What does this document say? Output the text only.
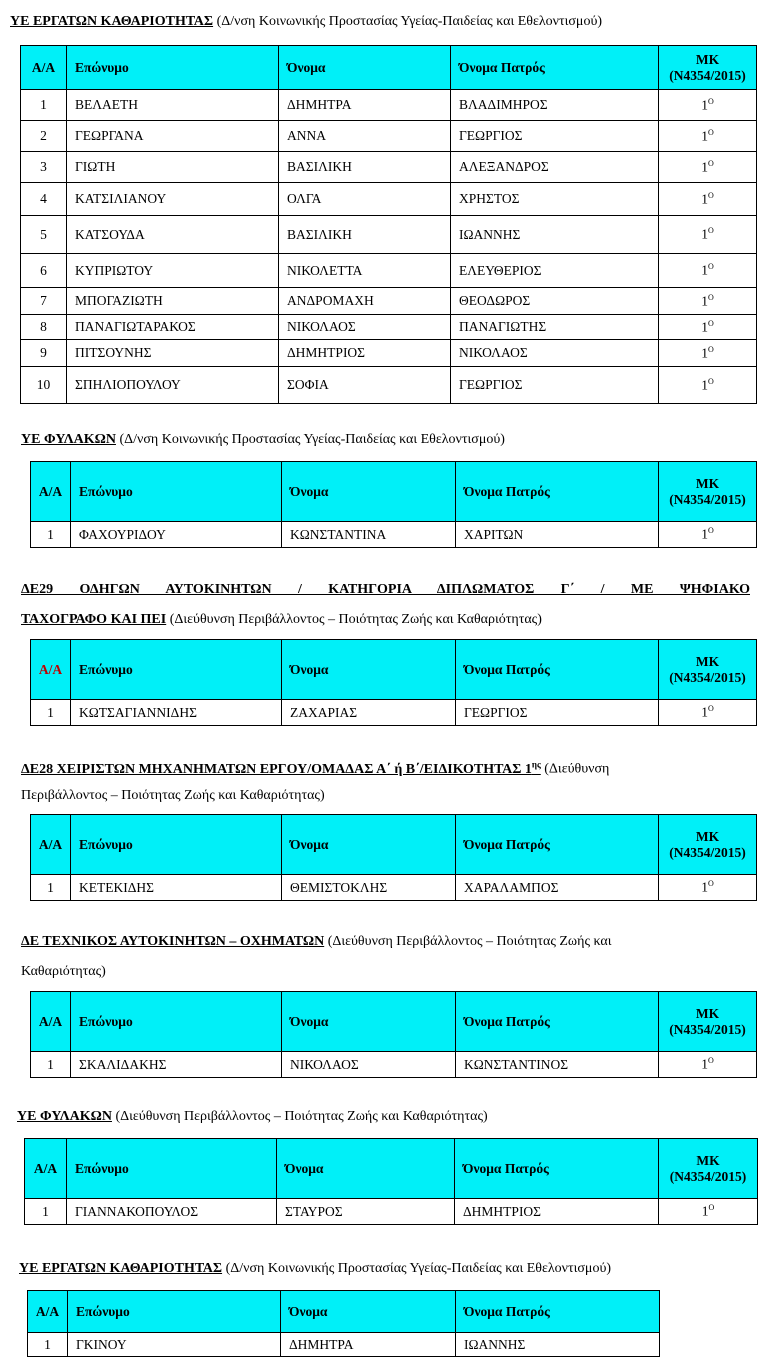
ΥΕ ΕΡΓΑΤΩΝ ΚΑΘΑΡΙΟΤΗΤΑΣ (Δ/νση Κοινωνικής Προστασίας Υγείας-Παιδείας και Εθελοντισμού)
Α/Α	Επώνυμο	Όνομα	Όνομα Πατρός	ΜΚ
(Ν4354/2015)
1	ΒΕΛΑΕΤΗ	ΔΗΜΗΤΡΑ	ΒΛΑΔΙΜΗΡΟΣ	$1^O$
2	ΓΕΩΡΓΑΝΑ	ΑΝΝΑ	ΓΕΩΡΓΙΟΣ	$1^O$
3	ΓΙΩΤΗ	ΒΑΣΙΛΙΚΗ	ΑΛΕΞΑΝΔΡΟΣ	$1^O$
4	ΚΑΤΣΙΛΙΑΝΟΥ	ΟΛΓΑ	ΧΡΗΣΤΟΣ	$1^O$
5	ΚΑΤΣΟΥΔΑ	ΒΑΣΙΛΙΚΗ	ΙΩΑΝΝΗΣ	$1^O$
6	ΚΥΠΡΙΩΤΟΥ	ΝΙΚΟΛΕΤΤΑ	ΕΛΕΥΘΕΡΙΟΣ	$1^O$
7	ΜΠΟΓΑΖΙΩΤΗ	ΑΝΔΡΟΜΑΧΗ	ΘΕΟΔΩΡΟΣ	$1^O$
8	ΠΑΝΑΓΙΩΤΑΡΑΚΟΣ	ΝΙΚΟΛΑΟΣ	ΠΑΝΑΓΙΩΤΗΣ	$1^O$
9	ΠΙΤΣΟΥΝΗΣ	ΔΗΜΗΤΡΙΟΣ	ΝΙΚΟΛΑΟΣ	$1^O$
10	ΣΠΗΛΙΟΠΟΥΛΟΥ	ΣΟΦΙΑ	ΓΕΩΡΓΙΟΣ	$1^O$
ΥΕ ΦΥΛΑΚΩΝ (Δ/νση Κοινωνικής Προστασίας Υγείας-Παιδείας και Εθελοντισμού)
Α/Α	Επώνυμο	Όνομα	Όνομα Πατρός	ΜΚ
(Ν4354/2015)
1	ΦΑΧΟΥΡΙΔΟΥ	ΚΩΝΣΤΑΝΤΙΝΑ	ΧΑΡΙΤΩΝ	$1^O$
ΔΕ29 ΟΔΗΓΩΝ ΑΥΤΟΚΙΝΗΤΩΝ / ΚΑΤΗΓΟΡΙΑ ΔΙΠΛΩΜΑΤΟΣ Γ΄ / ΜΕ ΨΗΦΙΑΚΟ
ΤΑΧΟΓΡΑΦΟ ΚΑΙ ΠΕΙ (Διεύθυνση Περιβάλλοντος – Ποιότητας Ζωής και Καθαριότητας)
Α/Α	Επώνυμο	Όνομα	Όνομα Πατρός	ΜΚ
(Ν4354/2015)
1	ΚΩΤΣΑΓΙΑΝΝΙΔΗΣ	ΖΑΧΑΡΙΑΣ	ΓΕΩΡΓΙΟΣ	$1^O$
ΔΕ28 ΧΕΙΡΙΣΤΩΝ ΜΗΧΑΝΗΜΑΤΩΝ ΕΡΓΟΥ/ΟΜΑΔΑΣ Α΄ ή Β΄/ΕΙΔΙΚΟΤΗΤΑΣ $1^{\eta\varsigma}$ (Διεύθυνση
Περιβάλλοντος – Ποιότητας Ζωής και Καθαριότητας)
Α/Α	Επώνυμο	Όνομα	Όνομα Πατρός	ΜΚ
(Ν4354/2015)
1	ΚΕΤΕΚΙΔΗΣ	ΘΕΜΙΣΤΟΚΛΗΣ	ΧΑΡΑΛΑΜΠΟΣ	$1^O$
ΔΕ ΤΕΧΝΙΚΟΣ ΑΥΤΟΚΙΝΗΤΩΝ – ΟΧΗΜΑΤΩΝ (Διεύθυνση Περιβάλλοντος – Ποιότητας Ζωής και
Καθαριότητας)
Α/Α	Επώνυμο	Όνομα	Όνομα Πατρός	ΜΚ
(Ν4354/2015)
1	ΣΚΑΛΙΔΑΚΗΣ	ΝΙΚΟΛΑΟΣ	ΚΩΝΣΤΑΝΤΙΝΟΣ	$1^O$
ΥΕ ΦΥΛΑΚΩΝ (Διεύθυνση Περιβάλλοντος – Ποιότητας Ζωής και Καθαριότητας)
Α/Α	Επώνυμο	Όνομα	Όνομα Πατρός	ΜΚ
(Ν4354/2015)
1	ΓΙΑΝΝΑΚΟΠΟΥΛΟΣ	ΣΤΑΥΡΟΣ	ΔΗΜΗΤΡΙΟΣ	$1^O$
ΥΕ ΕΡΓΑΤΩΝ ΚΑΘΑΡΙΟΤΗΤΑΣ (Δ/νση Κοινωνικής Προστασίας Υγείας-Παιδείας και Εθελοντισμού)
Α/Α	Επώνυμο	Όνομα	Όνομα Πατρός
1	ΓΚΙΝΟΥ	ΔΗΜΗΤΡΑ	ΙΩΑΝΝΗΣ
